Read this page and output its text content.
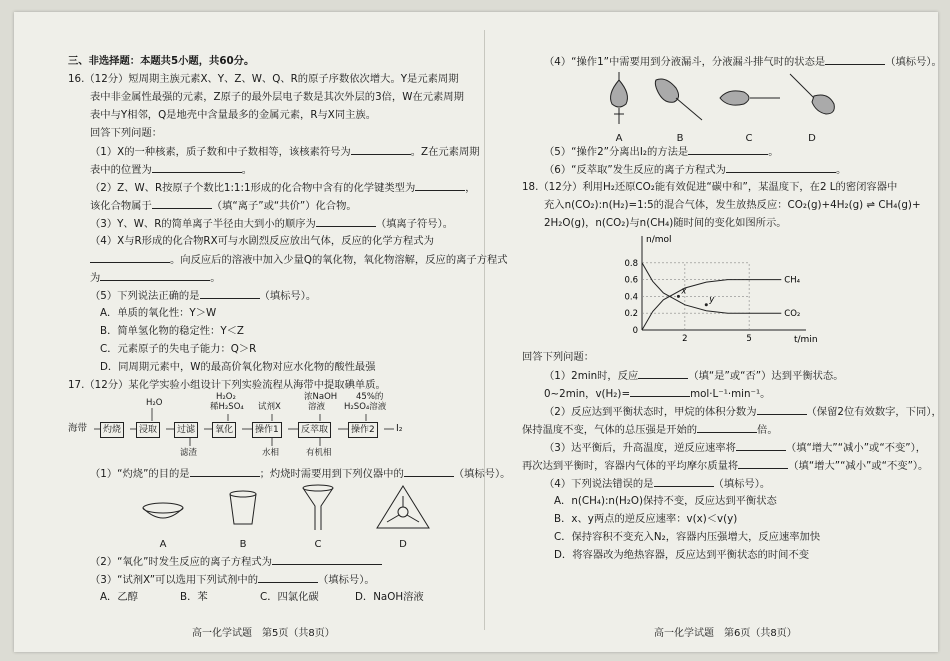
三、非选择题：本题共5小题，共60分。
16.（12分）短周期主族元素X、Y、Z、W、Q、R的原子序数依次增大。Y是元素周期
表中非金属性最强的元素，Z原子的最外层电子数是其次外层的3倍，W在元素周期
表中与Y相邻，Q是地壳中含量最多的金属元素，R与X同主族。
回答下列问题：
（1）X的一种核素，质子数和中子数相等，该核素符号为	。Z在元素周期
表中的位置为	。
（2）Z、W、R按原子个数比1:1:1形成的化合物中含有的化学键类型为	，
该化合物属于	（填“离子”或“共价”）化合物。
（3）Y、W、R的简单离子半径由大到小的顺序为	（填离子符号）。
（4）X与R形成的化合物RX可与水剧烈反应放出气体，反应的化学方程式为
。向反应后的溶液中加入少量Q的氧化物，氧化物溶解，反应的离子方程式
为	。
（5）下列说法正确的是	（填标号）。
A．单质的氧化性：Y＞W
B．简单氢化物的稳定性：Y＜Z
C．元素原子的失电子能力：Q＞R
D．同周期元素中，W的最高价氧化物对应水化物的酸性最强
17.（12分）某化学实验小组设计下列实验流程从海带中提取碘单质。
海带	灼烧	浸取	过滤	氧化	操作1	反萃取	操作2	I₂
H₂O
H₂O₂
稀H₂SO₄ 试剂X
浓NaOH
溶液
45%的
H₂SO₄溶液
滤渣	水相	有机相
（1）“灼烧”的目的是	；灼烧时需要用到下列仪器中的	（填标号）。
A	B	C	D
（2）“氧化”时发生反应的离子方程式为
（3）“试剂X”可以选用下列试剂中的	（填标号）。
A．乙醇	B．苯	C．四氯化碳	D．NaOH溶液
（4）“操作1”中需要用到分液漏斗，分液漏斗排气时的状态是	（填标号）。
A	B	C	D
（5）“操作2”分离出I₂的方法是	。
（6）“反萃取”发生反应的离子方程式为	。
18.（12分）利用H₂还原CO₂能有效促进“碳中和”，某温度下，在2 L的密闭容器中
充入n(CO₂):n(H₂)=1:5的混合气体，发生放热反应：CO₂(g)+4H₂(g) ⇌ CH₄(g)+
2H₂O(g)，n(CO₂)与n(CH₄)随时间的变化如图所示。
n/mol
t/min
0.8
0.6
0.4
0.2
0
2	5
CH₄
CO₂
x
y
回答下列问题：
（1）2min时，反应	（填“是”或“否”）达到平衡状态。
0~2min，v(H₂)=	mol·L⁻¹·min⁻¹。
（2）反应达到平衡状态时，甲烷的体积分数为	（保留2位有效数字，下同），
保持温度不变，气体的总压强是开始的	倍。
（3）达平衡后，升高温度，逆反应速率将	（填“增大”“减小”或“不变”），
再次达到平衡时，容器内气体的平均摩尔质量将	（填“增大”“减小”或“不变”）。
（4）下列说法错误的是	（填标号）。
A．n(CH₄):n(H₂O)保持不变，反应达到平衡状态
B．x、y两点的逆反应速率：v(x)＜v(y)
C．保持容积不变充入N₂，容器内压强增大，反应速率加快
D．将容器改为绝热容器，反应达到平衡状态的时间不变
高一化学试题　第5页（共8页）	高一化学试题　第6页（共8页）
